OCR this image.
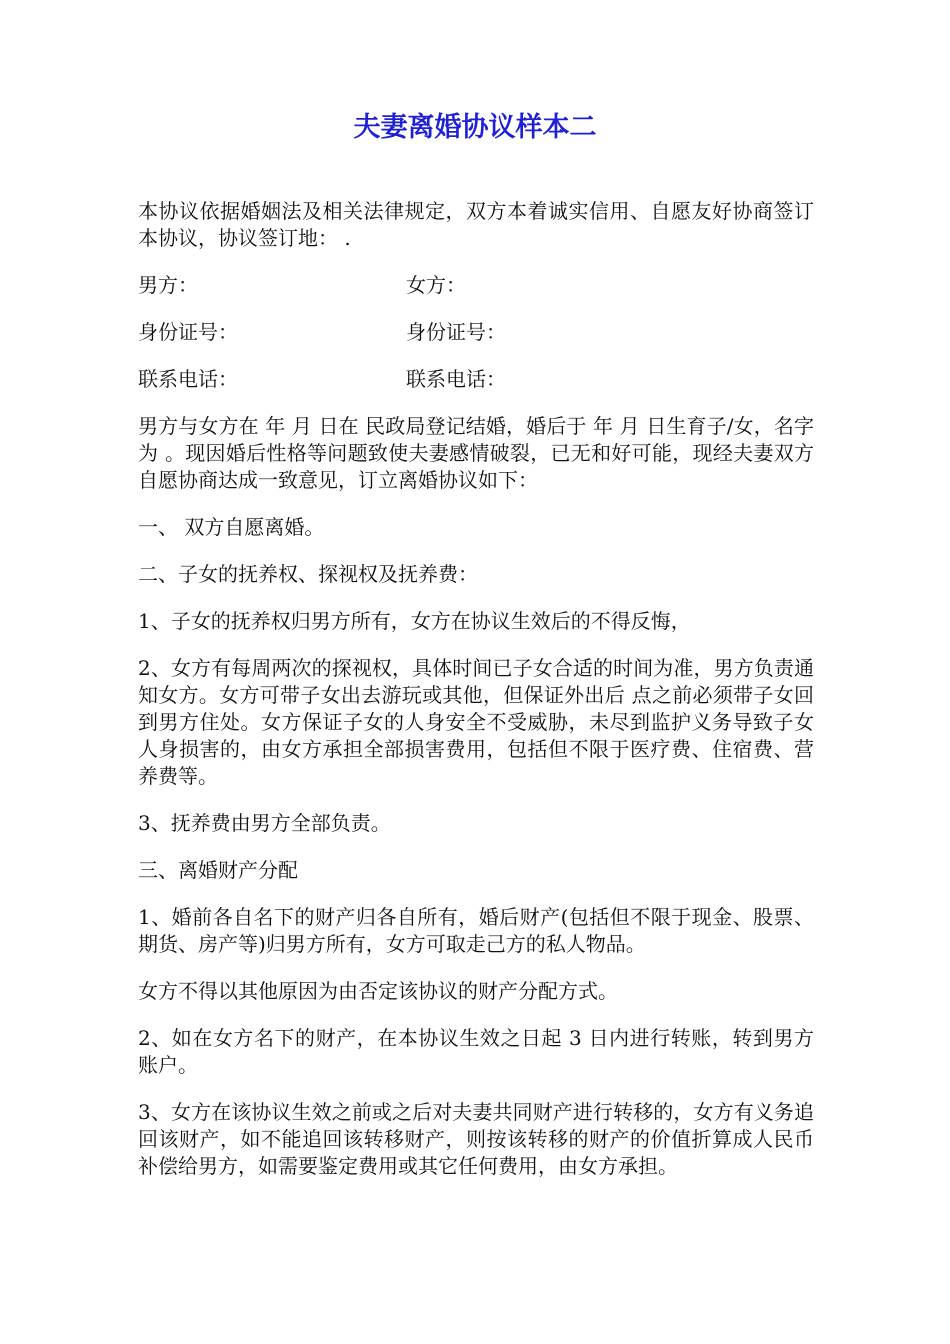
夫妻离婚协议样本二

本协议依据婚姻法及相关法律规定，双方本着诚实信用、自愿友好协商签订本协议，协议签订地： .

男方：	女方：
身份证号：	身份证号：
联系电话：	联系电话：

男方与女方在 年 月 日在 民政局登记结婚，婚后于 年 月 日生育子/女，名字为 。现因婚后性格等问题致使夫妻感情破裂，已无和好可能，现经夫妻双方自愿协商达成一致意见，订立离婚协议如下：

一、 双方自愿离婚。

二、子女的抚养权、探视权及抚养费：

1、子女的抚养权归男方所有，女方在协议生效后的不得反悔，

2、女方有每周两次的探视权，具体时间已子女合适的时间为准，男方负责通知女方。女方可带子女出去游玩或其他，但保证外出后 点之前必须带子女回到男方住处。女方保证子女的人身安全不受威胁，未尽到监护义务导致子女人身损害的，由女方承担全部损害费用，包括但不限于医疗费、住宿费、营养费等。

3、抚养费由男方全部负责。

三、离婚财产分配

1、婚前各自名下的财产归各自所有，婚后财产(包括但不限于现金、股票、期货、房产等)归男方所有，女方可取走己方的私人物品。

女方不得以其他原因为由否定该协议的财产分配方式。

2、如在女方名下的财产，在本协议生效之日起 3 日内进行转账，转到男方账户。

3、女方在该协议生效之前或之后对夫妻共同财产进行转移的，女方有义务追回该财产，如不能追回该转移财产，则按该转移的财产的价值折算成人民币补偿给男方，如需要鉴定费用或其它任何费用，由女方承担。
